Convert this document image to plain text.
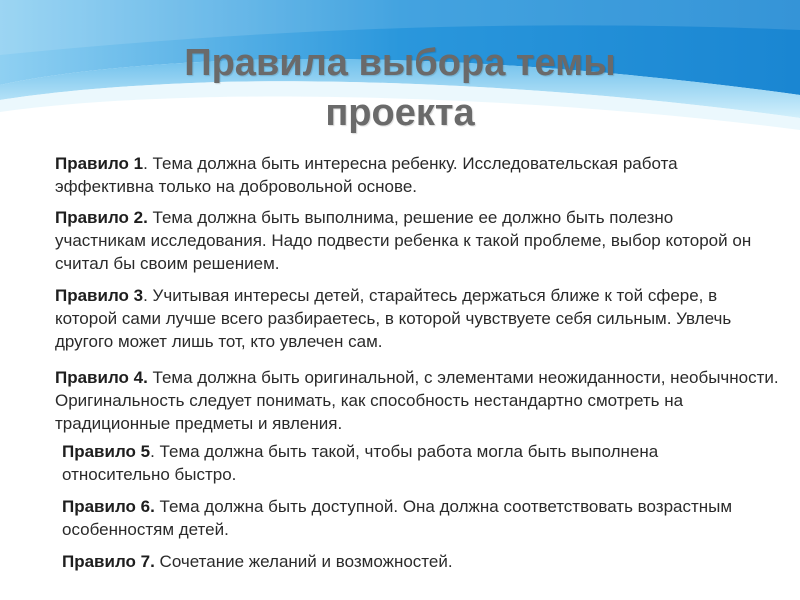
Правила выбора темы
проекта

Правило 1. Тема должна быть интересна ребенку. Исследовательская работа эффективна только на добровольной основе.

Правило 2. Тема должна быть выполнима, решение ее должно быть полезно участникам исследования. Надо подвести ребенка к такой проблеме, выбор которой он считал бы своим решением.

Правило 3. Учитывая интересы детей, старайтесь держаться ближе к той сфере, в которой сами лучше всего разбираетесь, в которой чувствуете себя сильным. Увлечь другого может лишь тот, кто увлечен сам.

Правило 4. Тема должна быть оригинальной, с элементами неожиданности, необычности. Оригинальность следует понимать, как способность нестандартно смотреть на традиционные предметы и явления.

Правило 5. Тема должна быть такой, чтобы работа могла быть выполнена относительно быстро.

Правило 6. Тема должна быть доступной. Она должна соответствовать возрастным особенностям детей.

Правило 7. Сочетание желаний и возможностей.
